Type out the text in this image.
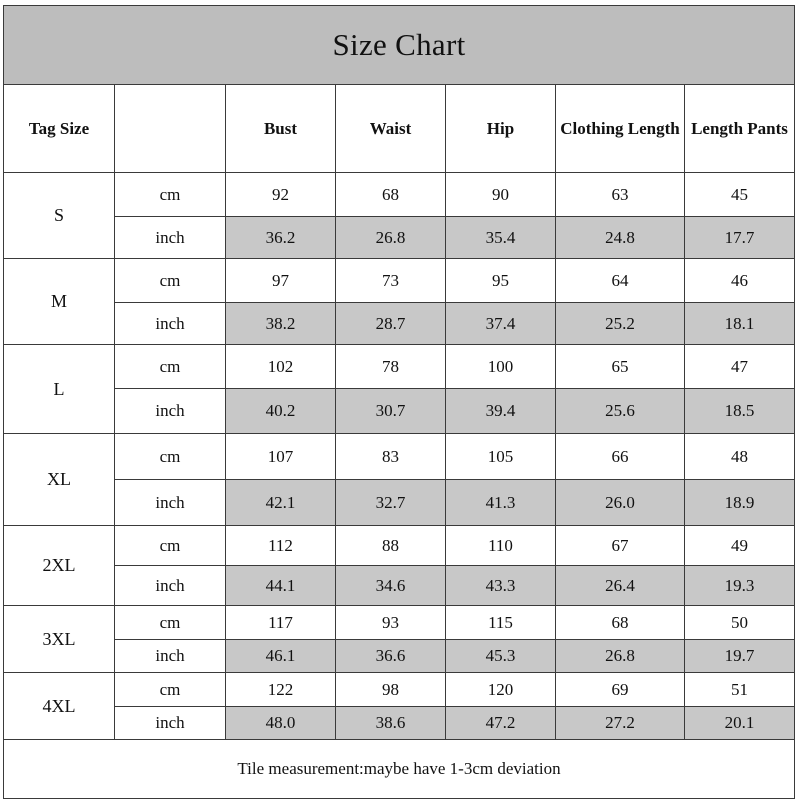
Size Chart						
Tag Size		Bust	Waist	Hip	Clothing Length	Length Pants
S	cm	92	68	90	63	45
	inch	36.2	26.8	35.4	24.8	17.7
M	cm	97	73	95	64	46
	inch	38.2	28.7	37.4	25.2	18.1
L	cm	102	78	100	65	47
	inch	40.2	30.7	39.4	25.6	18.5
XL	cm	107	83	105	66	48
	inch	42.1	32.7	41.3	26.0	18.9
2XL	cm	112	88	110	67	49
	inch	44.1	34.6	43.3	26.4	19.3
3XL	cm	117	93	115	68	50
	inch	46.1	36.6	45.3	26.8	19.7
4XL	cm	122	98	120	69	51
	inch	48.0	38.6	47.2	27.2	20.1
Tile measurement:maybe have 1-3cm deviation						
